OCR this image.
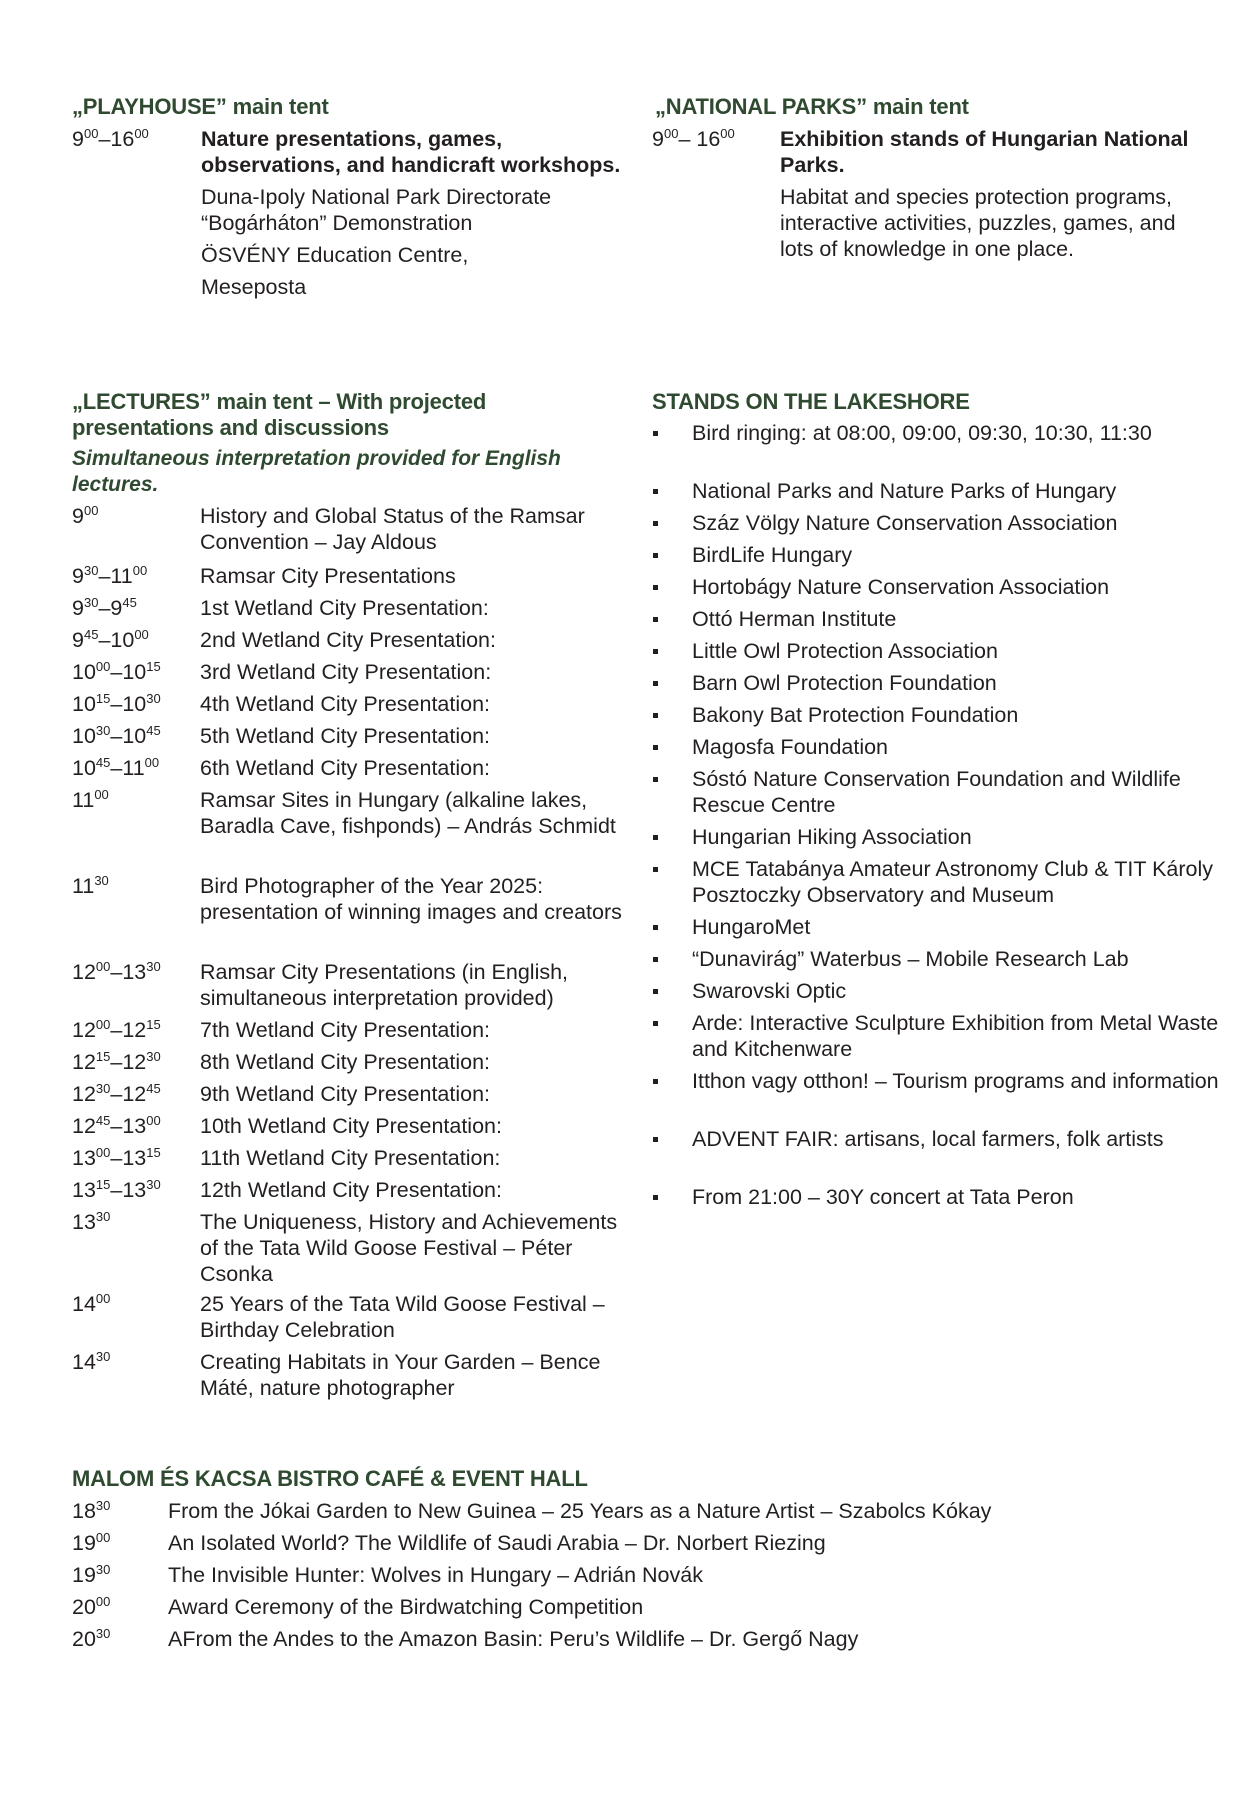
„PLAYHOUSE” main tent
$9^{00}-16^{00}$ Nature presentations, games, observations, and handicraft workshops.
Duna-Ipoly National Park Directorate
“Bogárháton” Demonstration
ÖSVÉNY Education Centre,
Meseposta
„NATIONAL PARKS” main tent
$9^{00}-$ $16^{00}$ Exhibition stands of Hungarian National Parks.
Habitat and species protection programs, interactive activities, puzzles, games, and lots of knowledge in one place.
„LECTURES” main tent – With projected presentations and discussions

Simultaneous interpretation provided for English lectures.

$9^{00}$	History and Global Status of the Ramsar Convention – Jay Aldous
$9^{30}-11^{00}$ Ramsar City Presentations
$9^{30}-9^{45}$	1st Wetland City Presentation:
$9^{45}-10^{00}$ 2nd Wetland City Presentation:
$10^{00}-10^{15}$ 3rd Wetland City Presentation:
$10^{15}-10^{30}$ 4th Wetland City Presentation:
$10^{30}-10^{45}$ 5th Wetland City Presentation:
$10^{45}-11^{00}$ 6th Wetland City Presentation:
$11^{00}$	Ramsar Sites in Hungary (alkaline lakes, Baradla Cave, fishponds) – András Schmidt
$11^{30}$	Bird Photographer of the Year 2025: presentation of winning images and creators
$12^{00}-13^{30}$ Ramsar City Presentations (in English, simultaneous interpretation provided)
$12^{00}-12^{15}$ 7th Wetland City Presentation:
$12^{15}-12^{30}$ 8th Wetland City Presentation:
$12^{30}-12^{45}$ 9th Wetland City Presentation:
$12^{45}-13^{00}$ 10th Wetland City Presentation:
$13^{00}-13^{15}$ 11th Wetland City Presentation:
$13^{15}-13^{30}$ 12th Wetland City Presentation:
$13^{30}$	The Uniqueness, History and Achievements of the Tata Wild Goose Festival – Péter Csonka
$14^{00}$	25 Years of the Tata Wild Goose Festival – Birthday Celebration
$14^{30}$	Creating Habitats in Your Garden – Bence Máté, nature photographer
STANDS ON THE LAKESHORE
Bird ringing: at 08:00, 09:00, 09:30, 10:30, 11:30
National Parks and Nature Parks of Hungary
Száz Völgy Nature Conservation Association
BirdLife Hungary
Hortobágy Nature Conservation Association
Ottó Herman Institute
Little Owl Protection Association
Barn Owl Protection Foundation
Bakony Bat Protection Foundation
Magosfa Foundation
Sóstó Nature Conservation Foundation and Wildlife Rescue Centre
Hungarian Hiking Association
MCE Tatabánya Amateur Astronomy Club & TIT Károly Posztoczky Observatory and Museum
HungaroMet
“Dunavirág” Waterbus – Mobile Research Lab
Swarovski Optic
Arde: Interactive Sculpture Exhibition from Metal Waste and Kitchenware
Itthon vagy otthon! – Tourism programs and information
ADVENT FAIR: artisans, local farmers, folk artists
From 21:00 – 30Y concert at Tata Peron
MALOM ÉS KACSA BISTRO CAFÉ & EVENT HALL
$18^{30}$	From the Jókai Garden to New Guinea – 25 Years as a Nature Artist – Szabolcs Kókay
$19^{00}$	An Isolated World? The Wildlife of Saudi Arabia – Dr. Norbert Riezing
$19^{30}$	The Invisible Hunter: Wolves in Hungary – Adrián Novák
$20^{00}$	Award Ceremony of the Birdwatching Competition
$20^{30}$	AFrom the Andes to the Amazon Basin: Peru’s Wildlife – Dr. Gergő Nagy
